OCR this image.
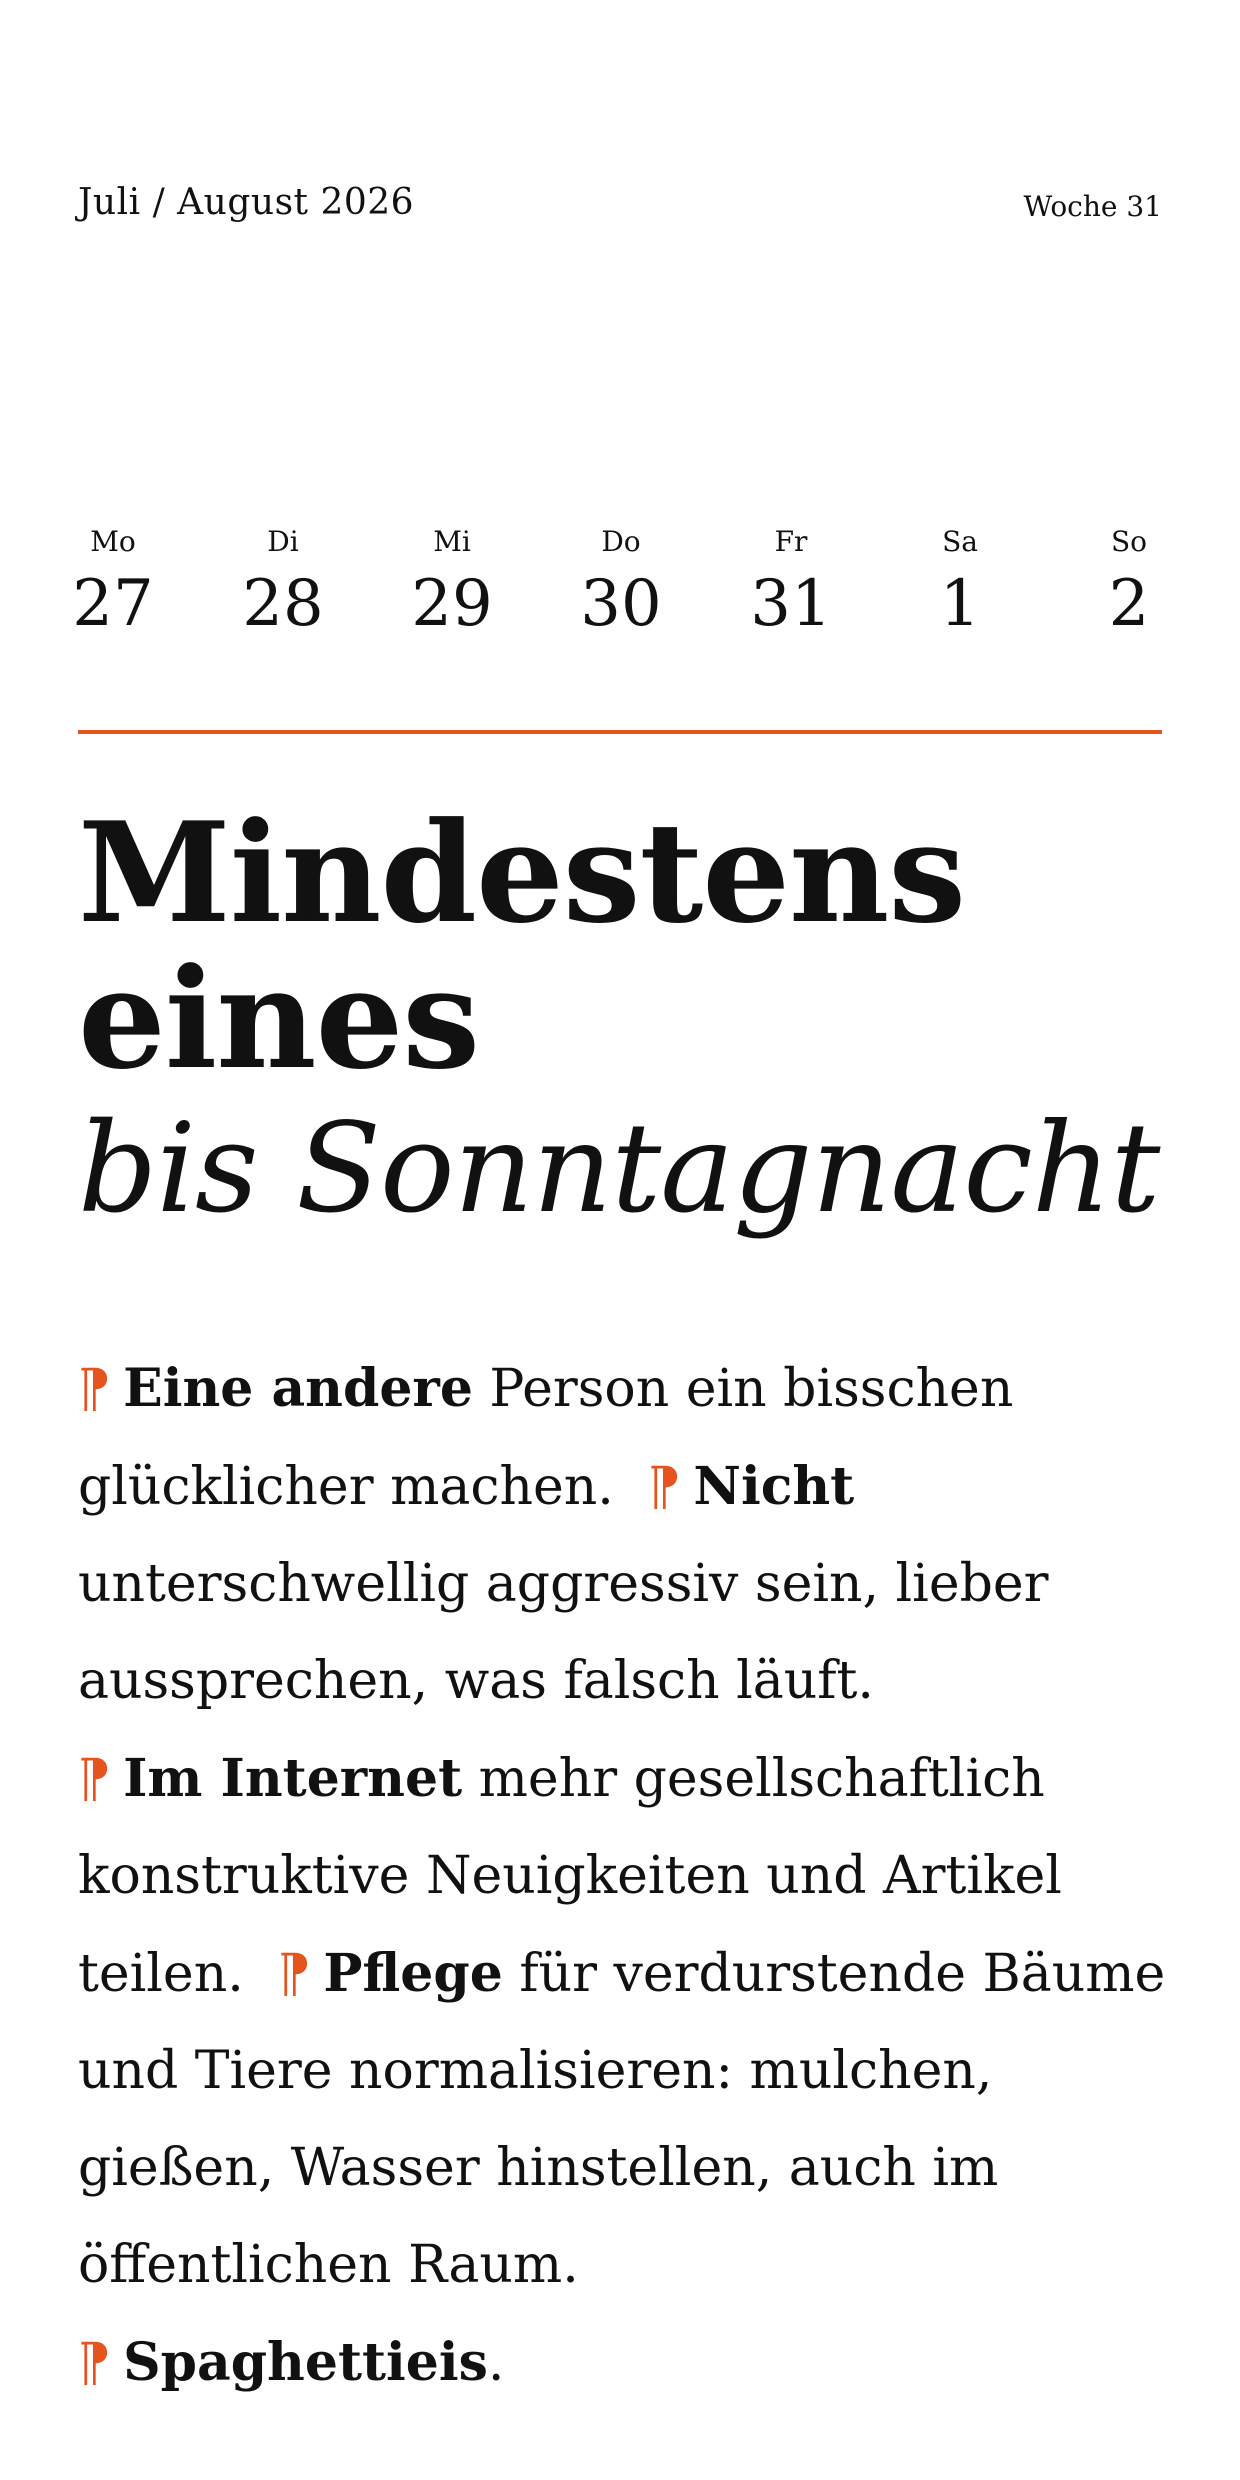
Juli / August 2026	Woche 31
Mo
27
Di
28
Mi
29
Do
30
Fr
31
Sa
1
So
2
Mindestens
eines
bis Sonntagnacht
¶ Eine andere Person ein bisschen glücklicher machen. ¶ Nicht unterschwellig aggressiv sein, lieber aussprechen, was falsch läuft.
¶ Im Internet mehr gesellschaftlich konstruktive Neuigkeiten und Artikel teilen. ¶ Pflege für verdurstende Bäume und Tiere normalisieren: mulchen, gießen, Wasser hinstellen, auch im öffentlichen Raum.
¶ Spaghettieis.
